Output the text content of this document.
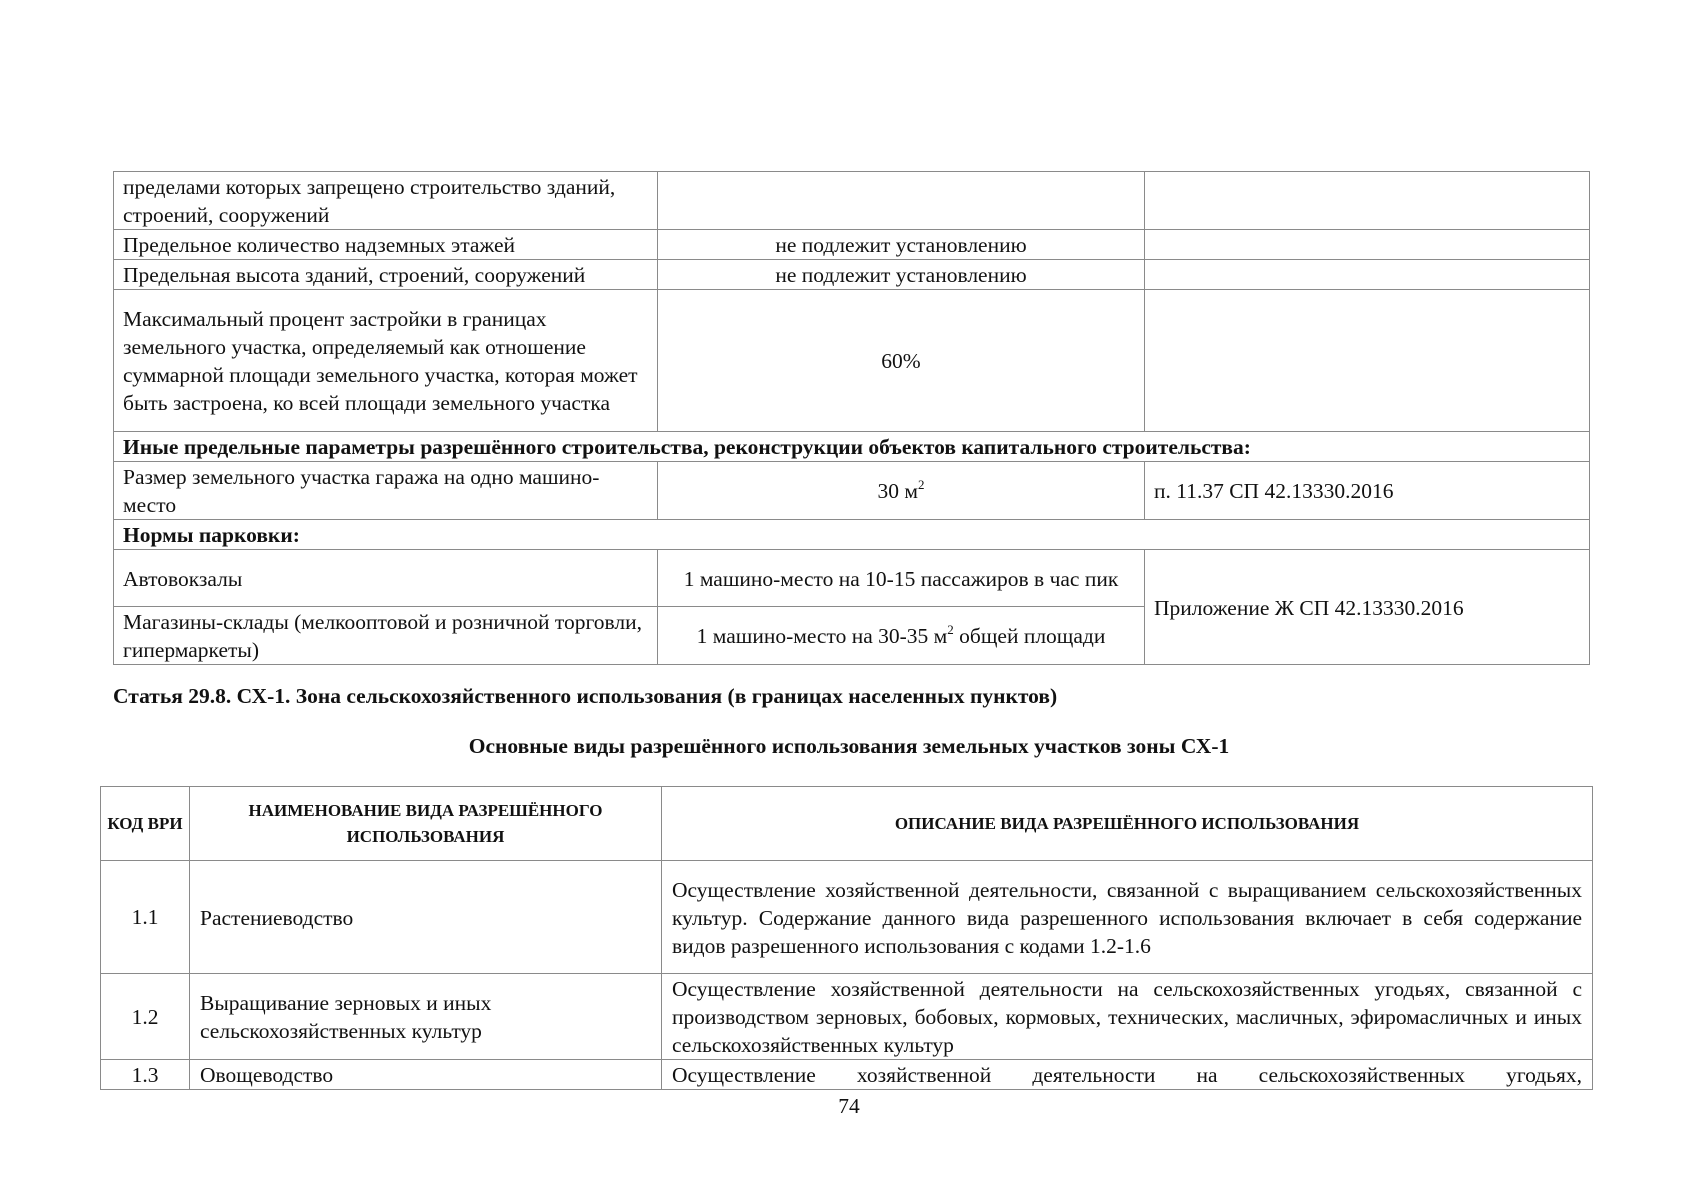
пределами которых запрещено строительство зданий, строений, сооружений		
Предельное количество надземных этажей	не подлежит установлению	
Предельная высота зданий, строений, сооружений	не подлежит установлению	
Максимальный процент застройки в границах земельного участка, определяемый как отношение суммарной площади земельного участка, которая может быть застроена, ко всей площади земельного участка	60%	
Иные предельные параметры разрешённого строительства, реконструкции объектов капитального строительства:		
Размер земельного участка гаража на одно машино-место	30 $м^2$	п. 11.37 СП 42.13330.2016
Нормы парковки:		
Автовокзалы	1 машино-место на 10-15 пассажиров в час пик	Приложение Ж СП 42.13330.2016
Магазины-склады (мелкооптовой и розничной торговли, гипермаркеты)	1 машино-место на 30-35 $м^2$ общей площади	
Статья 29.8. СХ-1. Зона сельскохозяйственного использования (в границах населенных пунктов)
Основные виды разрешённого использования земельных участков зоны СХ-1
КОД ВРИ	НАИМЕНОВАНИЕ ВИДА РАЗРЕШЁННОГО ИСПОЛЬЗОВАНИЯ	ОПИСАНИЕ ВИДА РАЗРЕШЁННОГО ИСПОЛЬЗОВАНИЯ
1.1	Растениеводство	Осуществление хозяйственной деятельности, связанной с выращиванием сельскохозяйственных культур. Содержание данного вида разрешенного использования включает в себя содержание видов разрешенного использования с кодами 1.2-1.6
1.2	Выращивание зерновых и иных сельскохозяйственных культур	Осуществление хозяйственной деятельности на сельскохозяйственных угодьях, связанной с производством зерновых, бобовых, кормовых, технических, масличных, эфиромасличных и иных сельскохозяйственных культур
1.3	Овощеводство	Осуществление хозяйственной деятельности на сельскохозяйственных угодьях,
74
